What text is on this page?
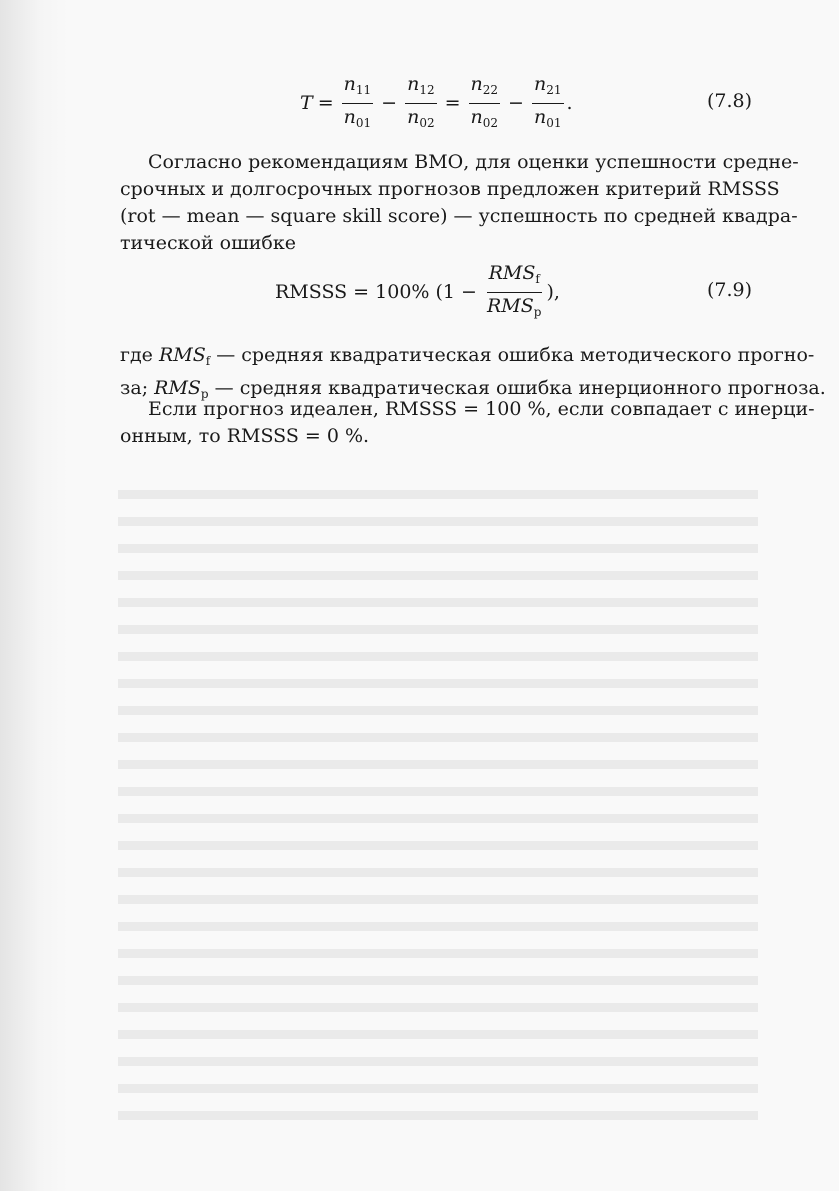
$T = \frac{n_{11}}{n_{01}} - \frac{n_{12}}{n_{02}} = \frac{n_{22}}{n_{02}} - \frac{n_{21}}{n_{01}}$ .	(7.8)
Согласно рекомендациям ВМО, для оценки успешности средне-
срочных и долгосрочных прогнозов предложен критерий RMSSS
(rot — mean — square skill score) — успешность по средней квадра-
тической ошибке
RMSSS = 100% ($1 - \frac{RMS_f}{RMS_p}$ ),	(7.9)
где $RMS_f$ — средняя квадратическая ошибка методического прогно-
за; $RMS_p$ — средняя квадратическая ошибка инерционного прогноза.
Если прогноз идеален, RMSSS = 100 %, если совпадает с инерци-
онным, то RMSSS = 0 %.
